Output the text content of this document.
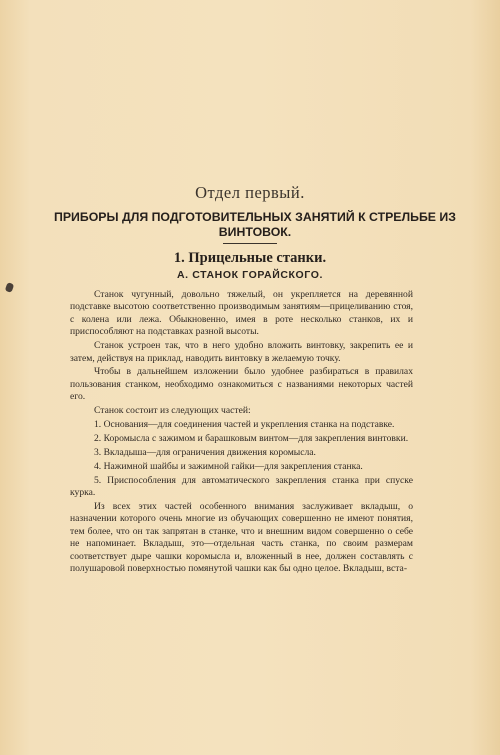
Отдел первый.
ПРИБОРЫ ДЛЯ ПОДГОТОВИТЕЛЬНЫХ ЗАНЯТИЙ К СТРЕЛЬБЕ ИЗ ВИНТОВОК.
1. Прицельные станки.
А. СТАНОК ГОРАЙСКОГО.

Станок чугунный, довольно тяжелый, он укрепляется на деревянной подставке высотою соответственно производимым занятиям—прицеливанию стоя, с колена или лежа. Обыкновенно, имея в роте несколько станков, их и приспособляют на подставках разной высоты.

Станок устроен так, что в него удобно вложить винтовку, закрепить ее и затем, действуя на приклад, наводить винтовку в желаемую точку.

Чтобы в дальнейшем изложении было удобнее разбираться в правилах пользования станком, необходимо ознакомиться с названиями некоторых частей его.

Станок состоит из следующих частей:

1. Основания—для соединения частей и укрепления станка на подставке.

2. Коромысла с зажимом и барашковым винтом—для закрепления винтовки.

3. Вкладыша—для ограничения движения коромысла.

4. Нажимной шайбы и зажимной гайки—для закрепления станка.

5. Приспособления для автоматического закрепления станка при спуске курка.

Из всех этих частей особенного внимания заслуживает вкладыш, о назначении которого очень многие из обучающих совершенно не имеют понятия, тем более, что он так запрятан в станке, что и внешним видом совершенно о себе не напоминает. Вкладыш, это—отдельная часть станка, по своим размерам соответствует дыре чашки коромысла и, вложенный в нее, должен составлять с полушаровой поверхностью помянутой чашки как бы одно целое. Вкладыш, вста-
